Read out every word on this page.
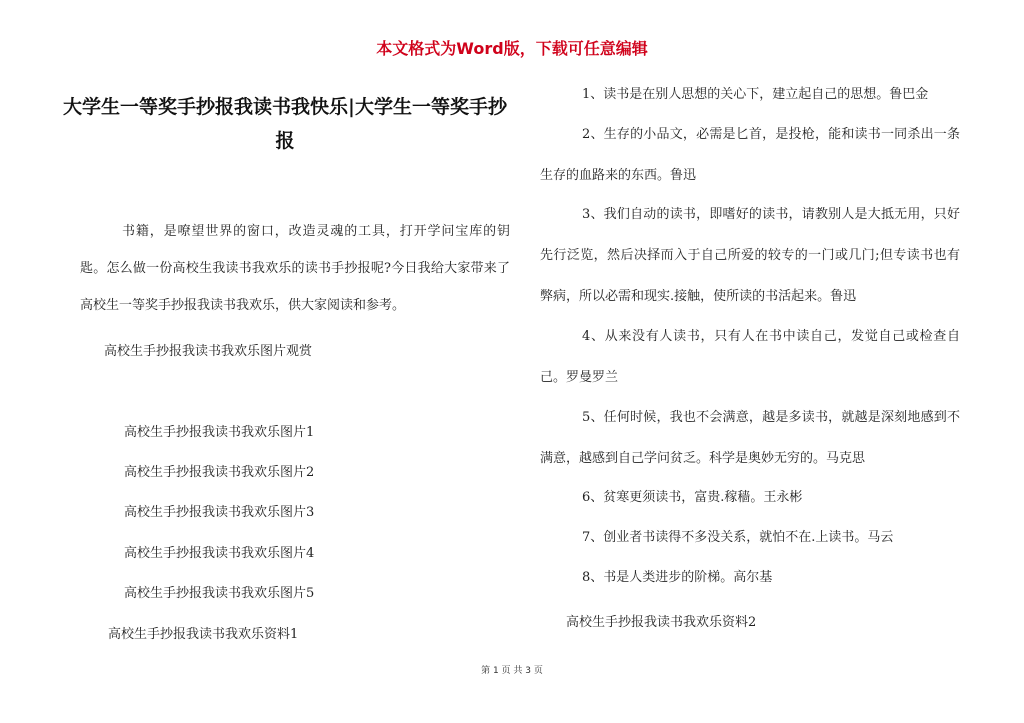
本文格式为Word版，下载可任意编辑
大学生一等奖手抄报我读书我快乐|大学生一等奖手抄报

书籍，是嘹望世界的窗口，改造灵魂的工具，打开学问宝库的钥匙。怎么做一份高校生我读书我欢乐的读书手抄报呢?今日我给大家带来了高校生一等奖手抄报我读书我欢乐，供大家阅读和参考。

高校生手抄报我读书我欢乐图片观赏
高校生手抄报我读书我欢乐图片1
高校生手抄报我读书我欢乐图片2
高校生手抄报我读书我欢乐图片3
高校生手抄报我读书我欢乐图片4
高校生手抄报我读书我欢乐图片5
高校生手抄报我读书我欢乐资料1

1、读书是在别人思想的关心下，建立起自己的思想。鲁巴金

2、生存的小品文，必需是匕首，是投枪，能和读书一同杀出一条生存的血路来的东西。鲁迅

3、我们自动的读书，即嗜好的读书，请教别人是大抵无用，只好先行泛览，然后决择而入于自己所爱的较专的一门或几门;但专读书也有弊病，所以必需和现实.接触，使所读的书活起来。鲁迅

4、从来没有人读书，只有人在书中读自己，发觉自己或检查自己。罗曼罗兰

5、任何时候，我也不会满意，越是多读书，就越是深刻地感到不满意，越感到自己学问贫乏。科学是奥妙无穷的。马克思

6、贫寒更须读书，富贵.稼穑。王永彬

7、创业者书读得不多没关系，就怕不在.上读书。马云

8、书是人类进步的阶梯。高尔基

高校生手抄报我读书我欢乐资料2
第 1 页 共 3 页
